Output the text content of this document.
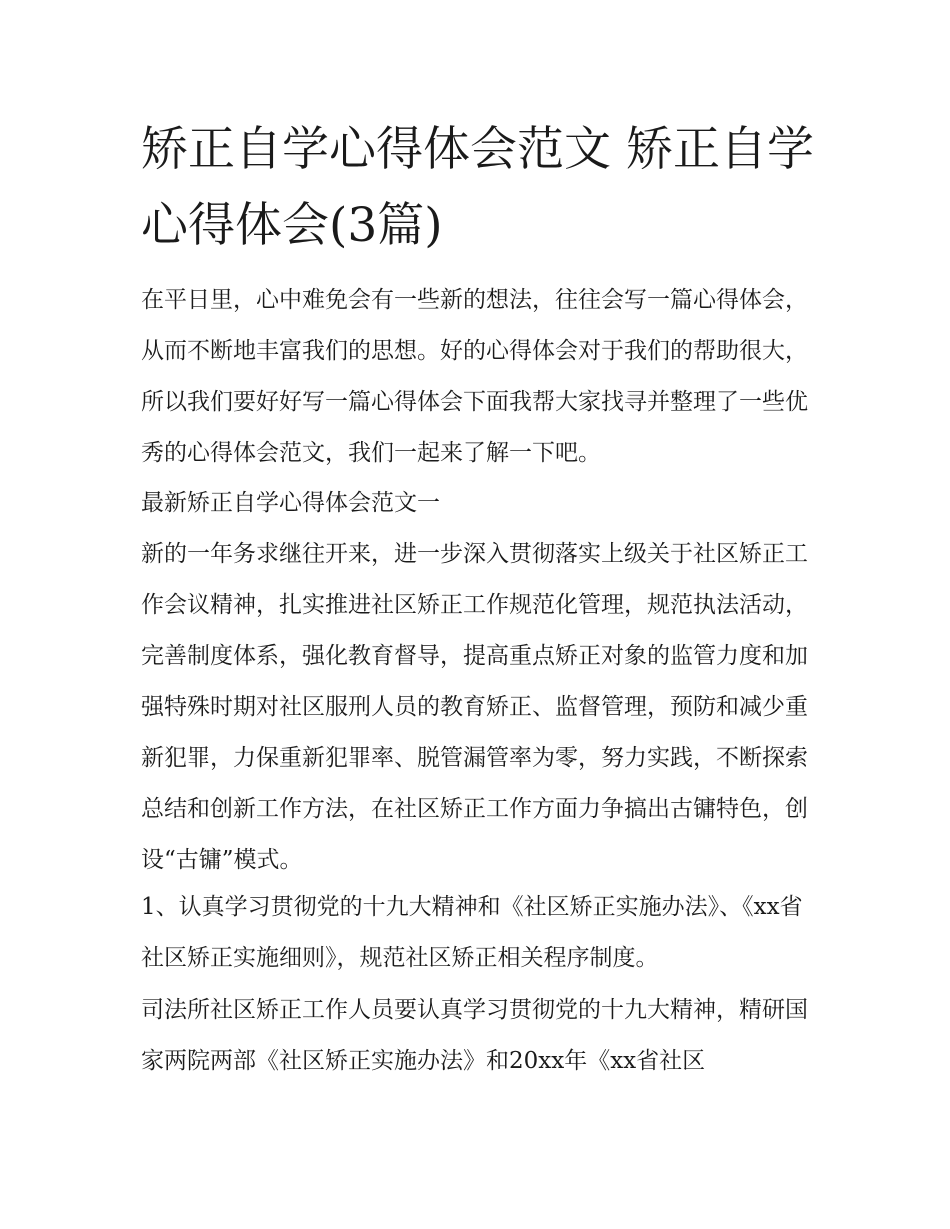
矫正自学心得体会范文 矫正自学心得体会(3篇)

在平日里，心中难免会有一些新的想法，往往会写一篇心得体会，从而不断地丰富我们的思想。好的心得体会对于我们的帮助很大，所以我们要好好写一篇心得体会下面我帮大家找寻并整理了一些优秀的心得体会范文，我们一起来了解一下吧。

最新矫正自学心得体会范文一

新的一年务求继往开来，进一步深入贯彻落实上级关于社区矫正工作会议精神，扎实推进社区矫正工作规范化管理，规范执法活动，完善制度体系，强化教育督导，提高重点矫正对象的监管力度和加强特殊时期对社区服刑人员的教育矫正、监督管理，预防和减少重新犯罪，力保重新犯罪率、脱管漏管率为零，努力实践，不断探索总结和创新工作方法，在社区矫正工作方面力争搞出古镛特色，创设“古镛”模式。

1、认真学习贯彻党的十九大精神和《社区矫正实施办法》、《xx省社区矫正实施细则》，规范社区矫正相关程序制度。

司法所社区矫正工作人员要认真学习贯彻党的十九大精神，精研国家两院两部《社区矫正实施办法》和20xx年《xx省社区
